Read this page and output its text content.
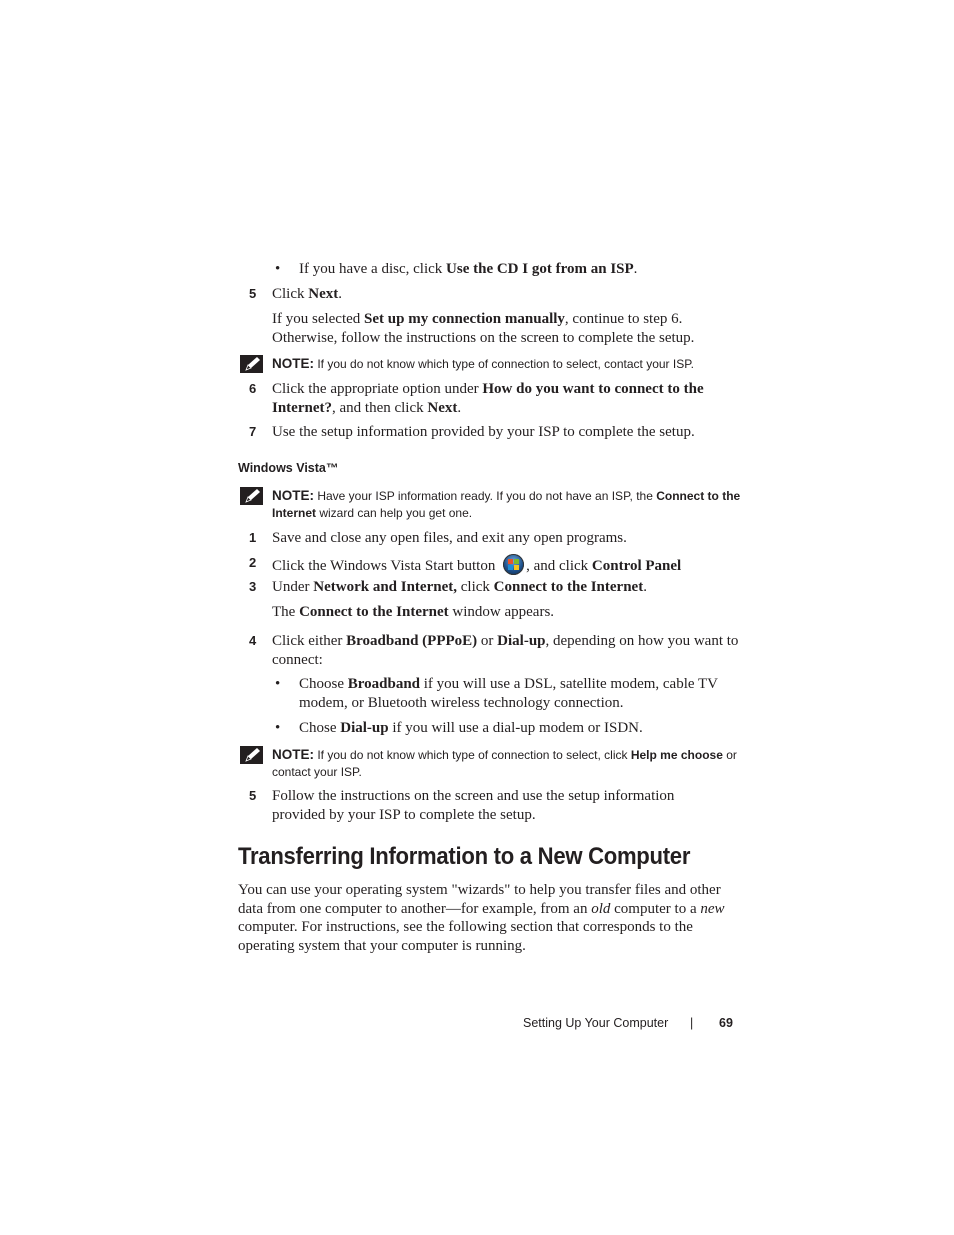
• If you have a disc, click Use the CD I got from an ISP.
5 Click Next.
If you selected Set up my connection manually, continue to step 6. Otherwise, follow the instructions on the screen to complete the setup.
NOTE: If you do not know which type of connection to select, contact your ISP.
6 Click the appropriate option under How do you want to connect to the Internet?, and then click Next.
7 Use the setup information provided by your ISP to complete the setup.
Windows Vista™
NOTE: Have your ISP information ready. If you do not have an ISP, the Connect to the Internet wizard can help you get one.
1 Save and close any open files, and exit any open programs.
2 Click the Windows Vista Start button
, and click Control Panel
3 Under Network and Internet, click Connect to the Internet.
The Connect to the Internet window appears.
4 Click either Broadband (PPPoE) or Dial-up, depending on how you want to connect:
• Choose Broadband if you will use a DSL, satellite modem, cable TV modem, or Bluetooth wireless technology connection.
• Chose Dial-up if you will use a dial-up modem or ISDN.
NOTE: If you do not know which type of connection to select, click Help me choose or contact your ISP.
5 Follow the instructions on the screen and use the setup information provided by your ISP to complete the setup.
Transferring Information to a New Computer
You can use your operating system "wizards" to help you transfer files and other data from one computer to another—for example, from an old computer to a new computer. For instructions, see the following section that corresponds to the operating system that your computer is running.
Setting Up Your Computer | 69
